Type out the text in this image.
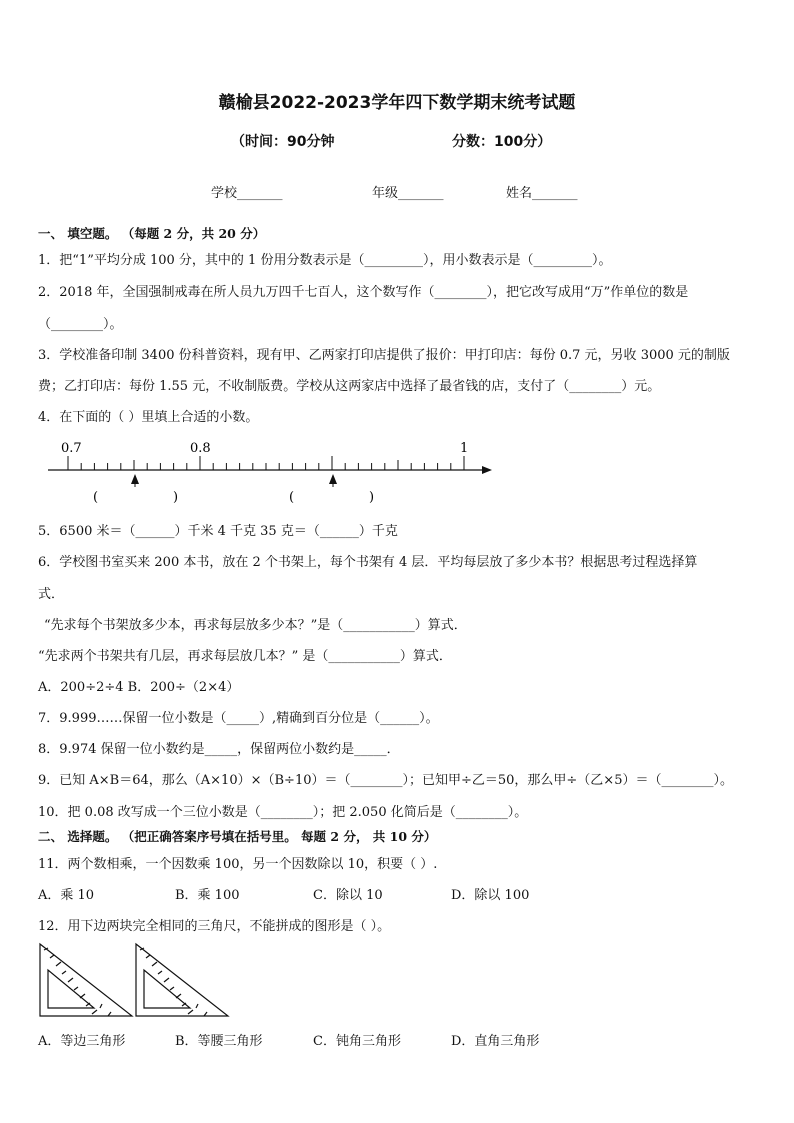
赣榆县2022-2023学年四下数学期末统考试题
（时间：90分钟	分数：100分）
学校_______	年级_______	姓名_______
一、 填空题。 （每题 2 分，共 20 分）
1．把“1”平均分成 100 分，其中的 1 份用分数表示是（_________），用小数表示是（_________）。
2．2018 年，全国强制戒毒在所人员九万四千七百人，这个数写作（________），把它改写成用“万”作单位的数是
（________）。
3．学校准备印制 3400 份科普资料，现有甲、乙两家打印店提供了报价：甲打印店：每份 0.7 元，另收 3000 元的制版
费；乙打印店：每份 1.55 元，不收制版费。学校从这两家店中选择了最省钱的店，支付了（________）元。
4．在下面的（ ）里填上合适的小数。
0.7	0.8	1
(	)	(	)
5．6500 米＝（______）千米 4 千克 35 克＝（______）千克
6．学校图书室买来 200 本书，放在 2 个书架上，每个书架有 4 层．平均每层放了多少本书？根据思考过程选择算
式．
“先求每个书架放多少本，再求每层放多少本？”是（___________）算式．
“先求两个书架共有几层，再求每层放几本？” 是（___________）算式．
A．200÷2÷4 B．200÷（2×4）
7．9.999……保留一位小数是（_____）,精确到百分位是（______）。
8．9.974 保留一位小数约是_____，保留两位小数约是_____．
9．已知 A×B＝64，那么（A×10）×（B÷10）＝（________）；已知甲÷乙＝50，那么甲÷（乙×5）＝（________）。
10．把 0.08 改写成一个三位小数是（________）；把 2.050 化简后是（________）。
二、 选择题。 （把正确答案序号填在括号里。 每题 2 分， 共 10 分）
11．两个数相乘，一个因数乘 100，另一个因数除以 10，积要（ ）.
A．乘 10	B．乘 100	C．除以 10	D．除以 100
12．用下边两块完全相同的三角尺，不能拼成的图形是（ ）。
A．等边三角形	B．等腰三角形	C．钝角三角形	D．直角三角形
